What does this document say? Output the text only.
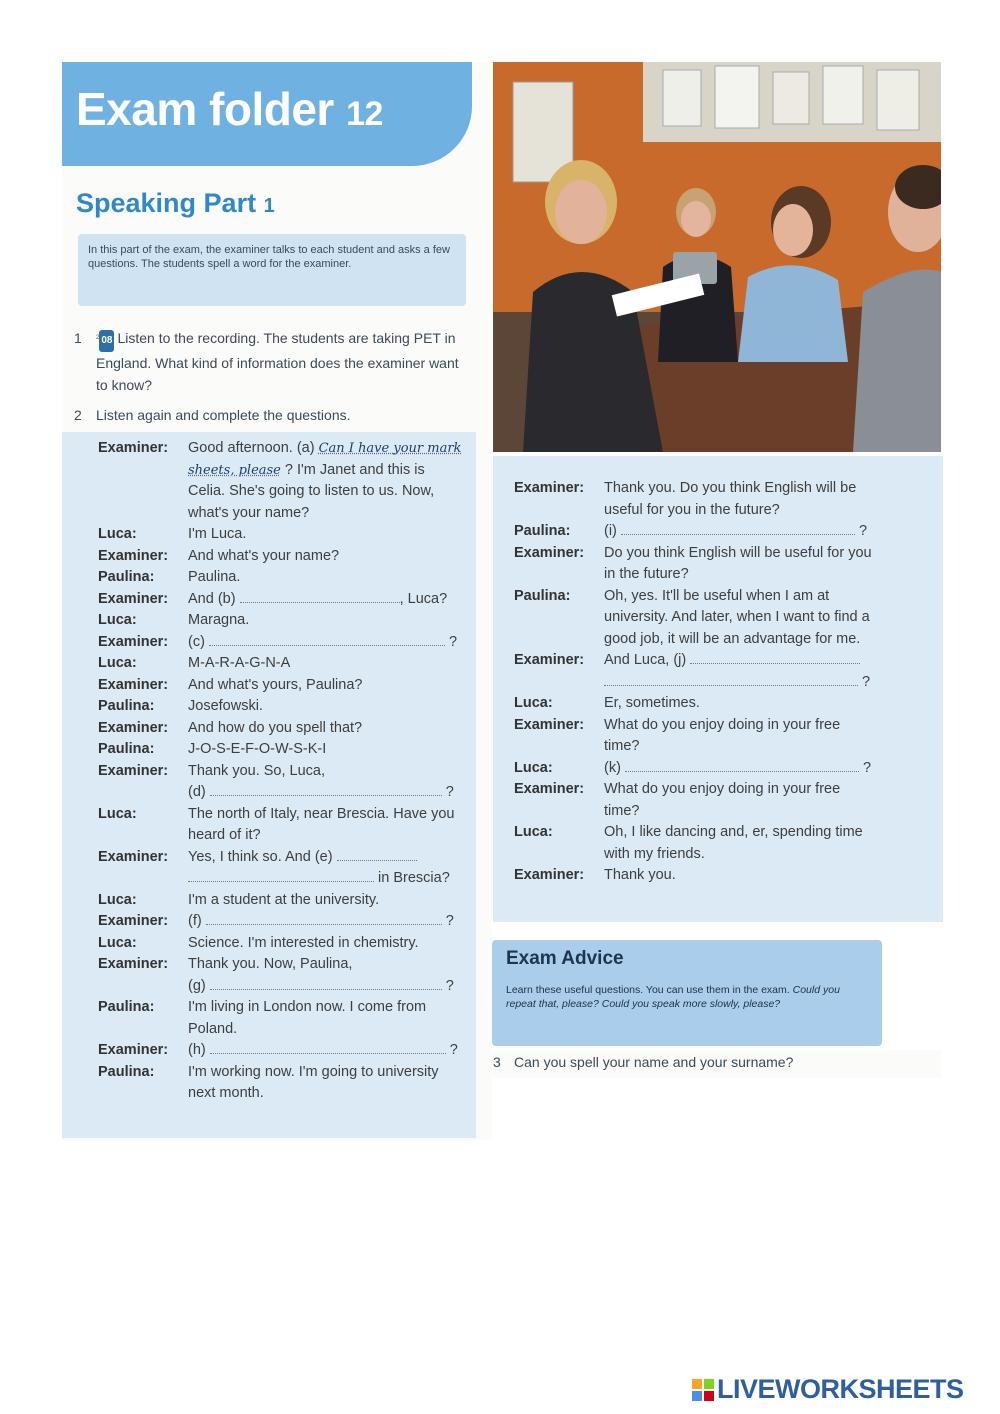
Exam folder 12
Speaking Part 1
In this part of the exam, the examiner talks to each student and asks a few questions. The students spell a word for the examiner.
1 $^2$ 08 Listen to the recording. The students are taking PET in England. What kind of information does the examiner want to know?
2 Listen again and complete the questions.
Examiner:	Good afternoon. (a) Can I have your mark sheets, please ? I'm Janet and this is Celia. She's going to listen to us. Now, what's your name?
Luca:	I'm Luca.
Examiner:	And what's your name?
Paulina:	Paulina.
Examiner:	And (b)	, Luca?
Luca:	Maragna.
Examiner:	(c)	?
Luca:	M-A-R-A-G-N-A
Examiner:	And what's yours, Paulina?
Paulina:	Josefowski.
Examiner:	And how do you spell that?
Paulina:	J-O-S-E-F-O-W-S-K-I
Examiner:	Thank you. So, Luca,
(d)	?
Luca:	The north of Italy, near Brescia. Have you heard of it?
Examiner:	Yes, I think so. And (e)
in Brescia?
Luca:	I'm a student at the university.
Examiner:	(f)	?
Luca:	Science. I'm interested in chemistry.
Examiner:	Thank you. Now, Paulina,
(g)	?
Paulina:	I'm living in London now. I come from Poland.
Examiner:	(h)	?
Paulina:	I'm working now. I'm going to university next month.
Examiner:	Thank you. Do you think English will be useful for you in the future?
Paulina:	(i)	?
Examiner:	Do you think English will be useful for you in the future?
Paulina:	Oh, yes. It'll be useful when I am at university. And later, when I want to find a good job, it will be an advantage for me.
Examiner:	And Luca, (j)
?
Luca:	Er, sometimes.
Examiner:	What do you enjoy doing in your free time?
Luca:	(k)	?
Examiner:	What do you enjoy doing in your free time?
Luca:	Oh, I like dancing and, er, spending time with my friends.
Examiner:	Thank you.
Exam Advice
Learn these useful questions. You can use them in the exam. Could you repeat that, please? Could you speak more slowly, please?
3 Can you spell your name and your surname?
LIVEWORKSHEETS
